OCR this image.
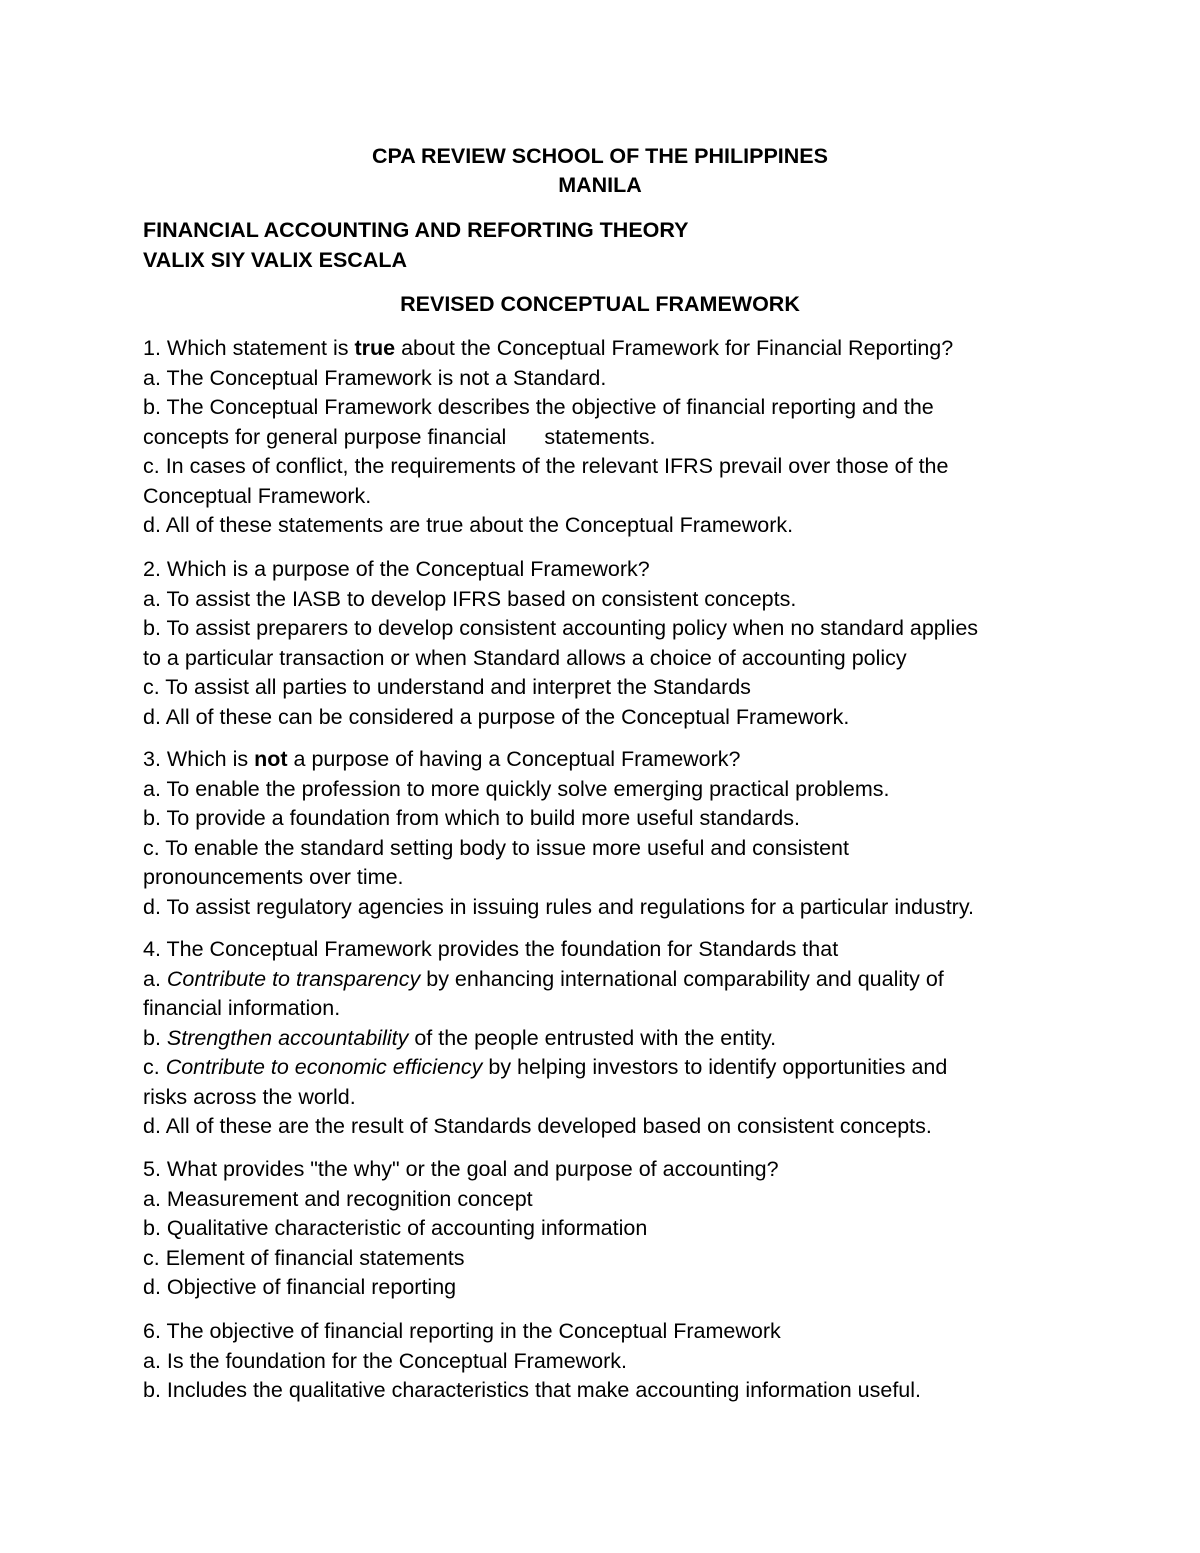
CPA REVIEW SCHOOL OF THE PHILIPPINES
MANILA
FINANCIAL ACCOUNTING AND REFORTING THEORY
VALIX SIY VALIX ESCALA
REVISED CONCEPTUAL FRAMEWORK
1. Which statement is true about the Conceptual Framework for Financial Reporting?
a. The Conceptual Framework is not a Standard.
b. The Conceptual Framework describes the objective of financial reporting and the
concepts for general purpose financial statements.
c. In cases of conflict, the requirements of the relevant IFRS prevail over those of the
Conceptual Framework.
d. All of these statements are true about the Conceptual Framework.
2. Which is a purpose of the Conceptual Framework?
a. To assist the IASB to develop IFRS based on consistent concepts.
b. To assist preparers to develop consistent accounting policy when no standard applies
to a particular transaction or when Standard allows a choice of accounting policy
c. To assist all parties to understand and interpret the Standards
d. All of these can be considered a purpose of the Conceptual Framework.
3. Which is not a purpose of having a Conceptual Framework?
a. To enable the profession to more quickly solve emerging practical problems.
b. To provide a foundation from which to build more useful standards.
c. To enable the standard setting body to issue more useful and consistent
pronouncements over time.
d. To assist regulatory agencies in issuing rules and regulations for a particular industry.
4. The Conceptual Framework provides the foundation for Standards that
a. Contribute to transparency by enhancing international comparability and quality of
financial information.
b. Strengthen accountability of the people entrusted with the entity.
c. Contribute to economic efficiency by helping investors to identify opportunities and
risks across the world.
d. All of these are the result of Standards developed based on consistent concepts.
5. What provides "the why" or the goal and purpose of accounting?
a. Measurement and recognition concept
b. Qualitative characteristic of accounting information
c. Element of financial statements
d. Objective of financial reporting
6. The objective of financial reporting in the Conceptual Framework
a. Is the foundation for the Conceptual Framework.
b. Includes the qualitative characteristics that make accounting information useful.
